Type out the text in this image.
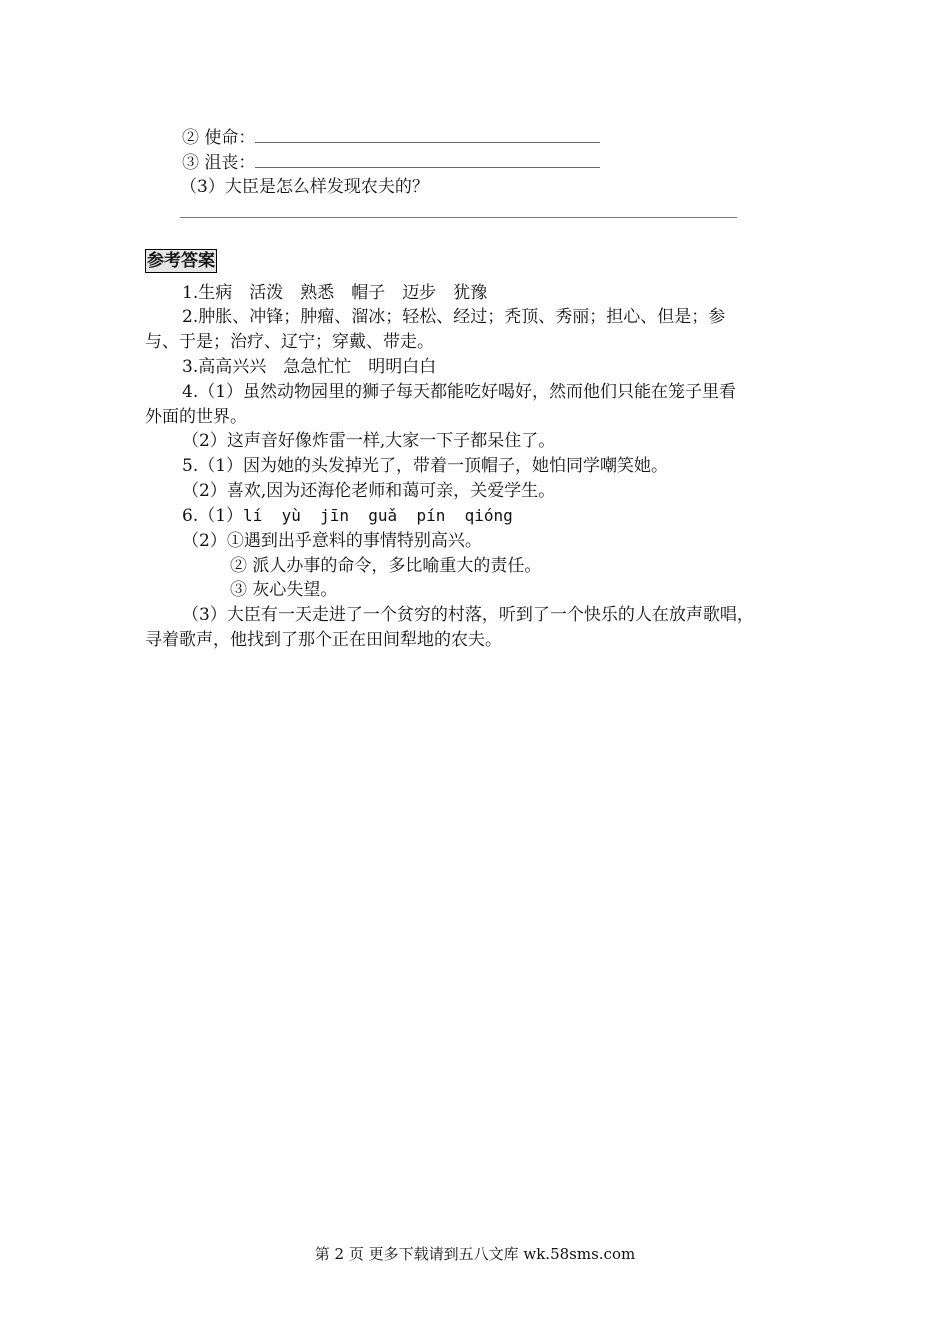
② 使命：
③ 沮丧：
（3）大臣是怎么样发现农夫的？
参考答案
1.生病　活泼　熟悉　帽子　迈步　犹豫
2.肿胀、冲锋；肿瘤、溜冰；轻松、经过；秃顶、秀丽；担心、但是；参
与、于是；治疗、辽宁；穿戴、带走。
3.高高兴兴　急急忙忙　明明白白
4.（1）虽然动物园里的狮子每天都能吃好喝好，然而他们只能在笼子里看
外面的世界。
（2）这声音好像炸雷一样,大家一下子都呆住了。
5.（1）因为她的头发掉光了，带着一顶帽子，她怕同学嘲笑她。
（2）喜欢,因为还海伦老师和蔼可亲，关爱学生。
6.（1）lí  yù  jīn  guǎ  pín  qióng
（2）①遇到出乎意料的事情特别高兴。
② 派人办事的命令，多比喻重大的责任。
③ 灰心失望。
（3）大臣有一天走进了一个贫穷的村落，听到了一个快乐的人在放声歌唱，
寻着歌声，他找到了那个正在田间犁地的农夫。
第 2 页 更多下载请到五八文库 wk.58sms.com
